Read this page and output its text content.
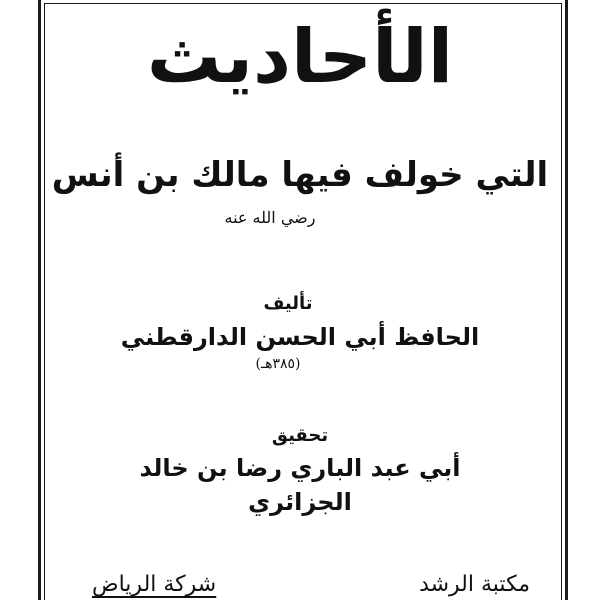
الأحاديث
التي خولف فيها مالك بن أنس
رضي الله عنه
تأليف
الحافظ أبي الحسن الدارقطني
(٣٨٥هـ)
تحقيق
أبي عبد الباري رضا بن خالد
الجزائري
مكتبة الرشد
شركة الرياض
